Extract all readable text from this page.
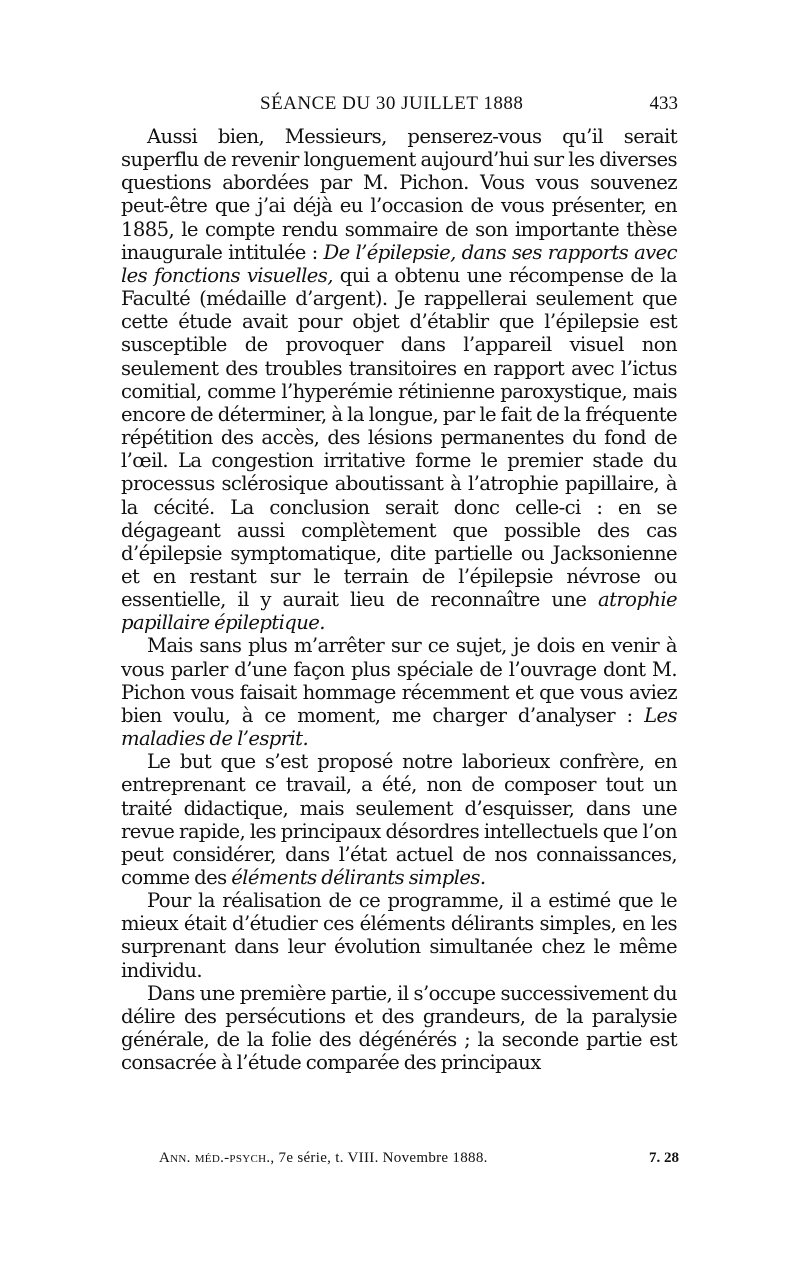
SÉANCE DU 30 JUILLET 1888	433

Aussi bien, Messieurs, penserez-vous qu’il serait superflu de revenir longuement aujourd’hui sur les diverses questions abordées par M. Pichon. Vous vous souvenez peut-être que j’ai déjà eu l’occasion de vous présenter, en 1885, le compte rendu sommaire de son importante thèse inaugurale intitulée : De l’épilepsie, dans ses rapports avec les fonctions visuelles, qui a obtenu une récompense de la Faculté (médaille d’argent). Je rappellerai seulement que cette étude avait pour objet d’établir que l’épilepsie est susceptible de provoquer dans l’appareil visuel non seulement des troubles transitoires en rapport avec l’ictus comitial, comme l’hyperémie rétinienne paroxystique, mais encore de déterminer, à la longue, par le fait de la fréquente répétition des accès, des lésions permanentes du fond de l’œil. La congestion irritative forme le premier stade du processus sclérosique aboutissant à l’atrophie papillaire, à la cécité. La conclusion serait donc celle-ci : en se dégageant aussi complètement que possible des cas d’épilepsie symptomatique, dite partielle ou Jacksonienne et en restant sur le terrain de l’épilepsie névrose ou essentielle, il y aurait lieu de reconnaître une atrophie papillaire épileptique.

Mais sans plus m’arrêter sur ce sujet, je dois en venir à vous parler d’une façon plus spéciale de l’ouvrage dont M. Pichon vous faisait hommage récemment et que vous aviez bien voulu, à ce moment, me charger d’analyser : Les maladies de l’esprit.

Le but que s’est proposé notre laborieux confrère, en entreprenant ce travail, a été, non de composer tout un traité didactique, mais seulement d’esquisser, dans une revue rapide, les principaux désordres intellectuels que l’on peut considérer, dans l’état actuel de nos connaissances, comme des éléments délirants simples.

Pour la réalisation de ce programme, il a estimé que le mieux était d’étudier ces éléments délirants simples, en les surprenant dans leur évolution simultanée chez le même individu.

Dans une première partie, il s’occupe successivement du délire des persécutions et des grandeurs, de la paralysie générale, de la folie des dégénérés ; la seconde partie est consacrée à l’étude comparée des principaux

Ann. méd.-psych., 7e série, t. VIII. Novembre 1888.	7. 28
